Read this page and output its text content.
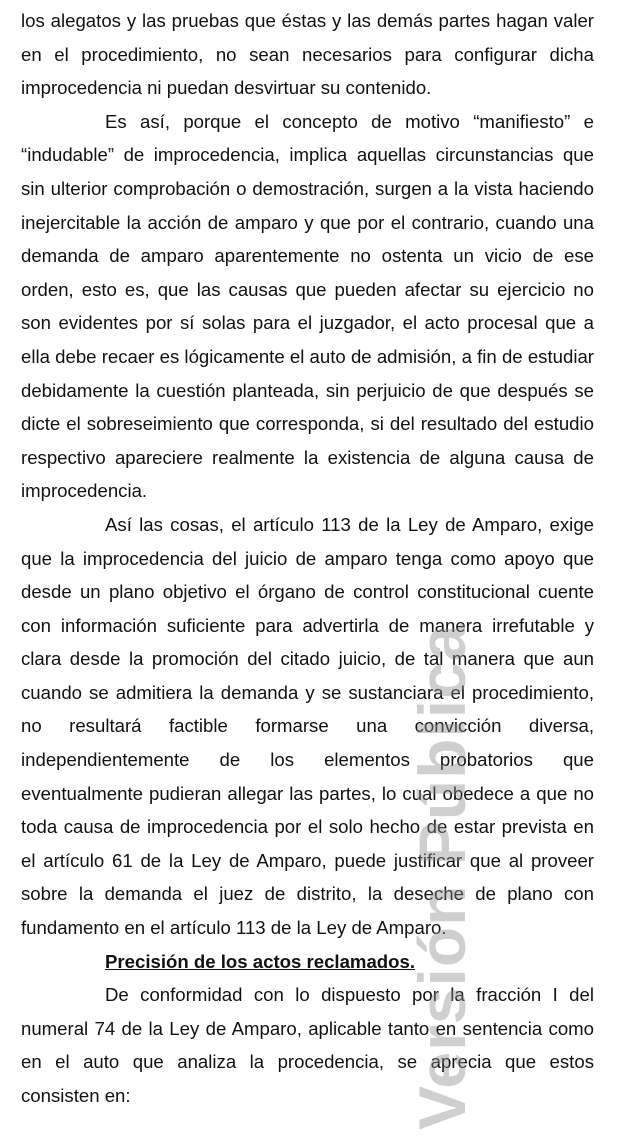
los alegatos y las pruebas que éstas y las demás partes hagan valer en el procedimiento, no sean necesarios para configurar dicha improcedencia ni puedan desvirtuar su contenido.

Es así, porque el concepto de motivo “manifiesto” e “indudable” de improcedencia, implica aquellas circunstancias que sin ulterior comprobación o demostración, surgen a la vista haciendo inejercitable la acción de amparo y que por el contrario, cuando una demanda de amparo aparentemente no ostenta un vicio de ese orden, esto es, que las causas que pueden afectar su ejercicio no son evidentes por sí solas para el juzgador, el acto procesal que a ella debe recaer es lógicamente el auto de admisión, a fin de estudiar debidamente la cuestión planteada, sin perjuicio de que después se dicte el sobreseimiento que corresponda, si del resultado del estudio respectivo apareciere realmente la existencia de alguna causa de improcedencia.

Así las cosas, el artículo 113 de la Ley de Amparo, exige que la improcedencia del juicio de amparo tenga como apoyo que desde un plano objetivo el órgano de control constitucional cuente con información suficiente para advertirla de manera irrefutable y clara desde la promoción del citado juicio, de tal manera que aun cuando se admitiera la demanda y se sustanciara el procedimiento, no resultará factible formarse una convicción diversa, independientemente de los elementos probatorios que eventualmente pudieran allegar las partes, lo cual obedece a que no toda causa de improcedencia por el solo hecho de estar prevista en el artículo 61 de la Ley de Amparo, puede justificar que al proveer sobre la demanda el juez de distrito, la deseche de plano con fundamento en el artículo 113 de la Ley de Amparo.

Precisión de los actos reclamados.

De conformidad con lo dispuesto por la fracción I del numeral 74 de la Ley de Amparo, aplicable tanto en sentencia como en el auto que analiza la procedencia, se aprecia que estos consisten en:	Versión Pública
